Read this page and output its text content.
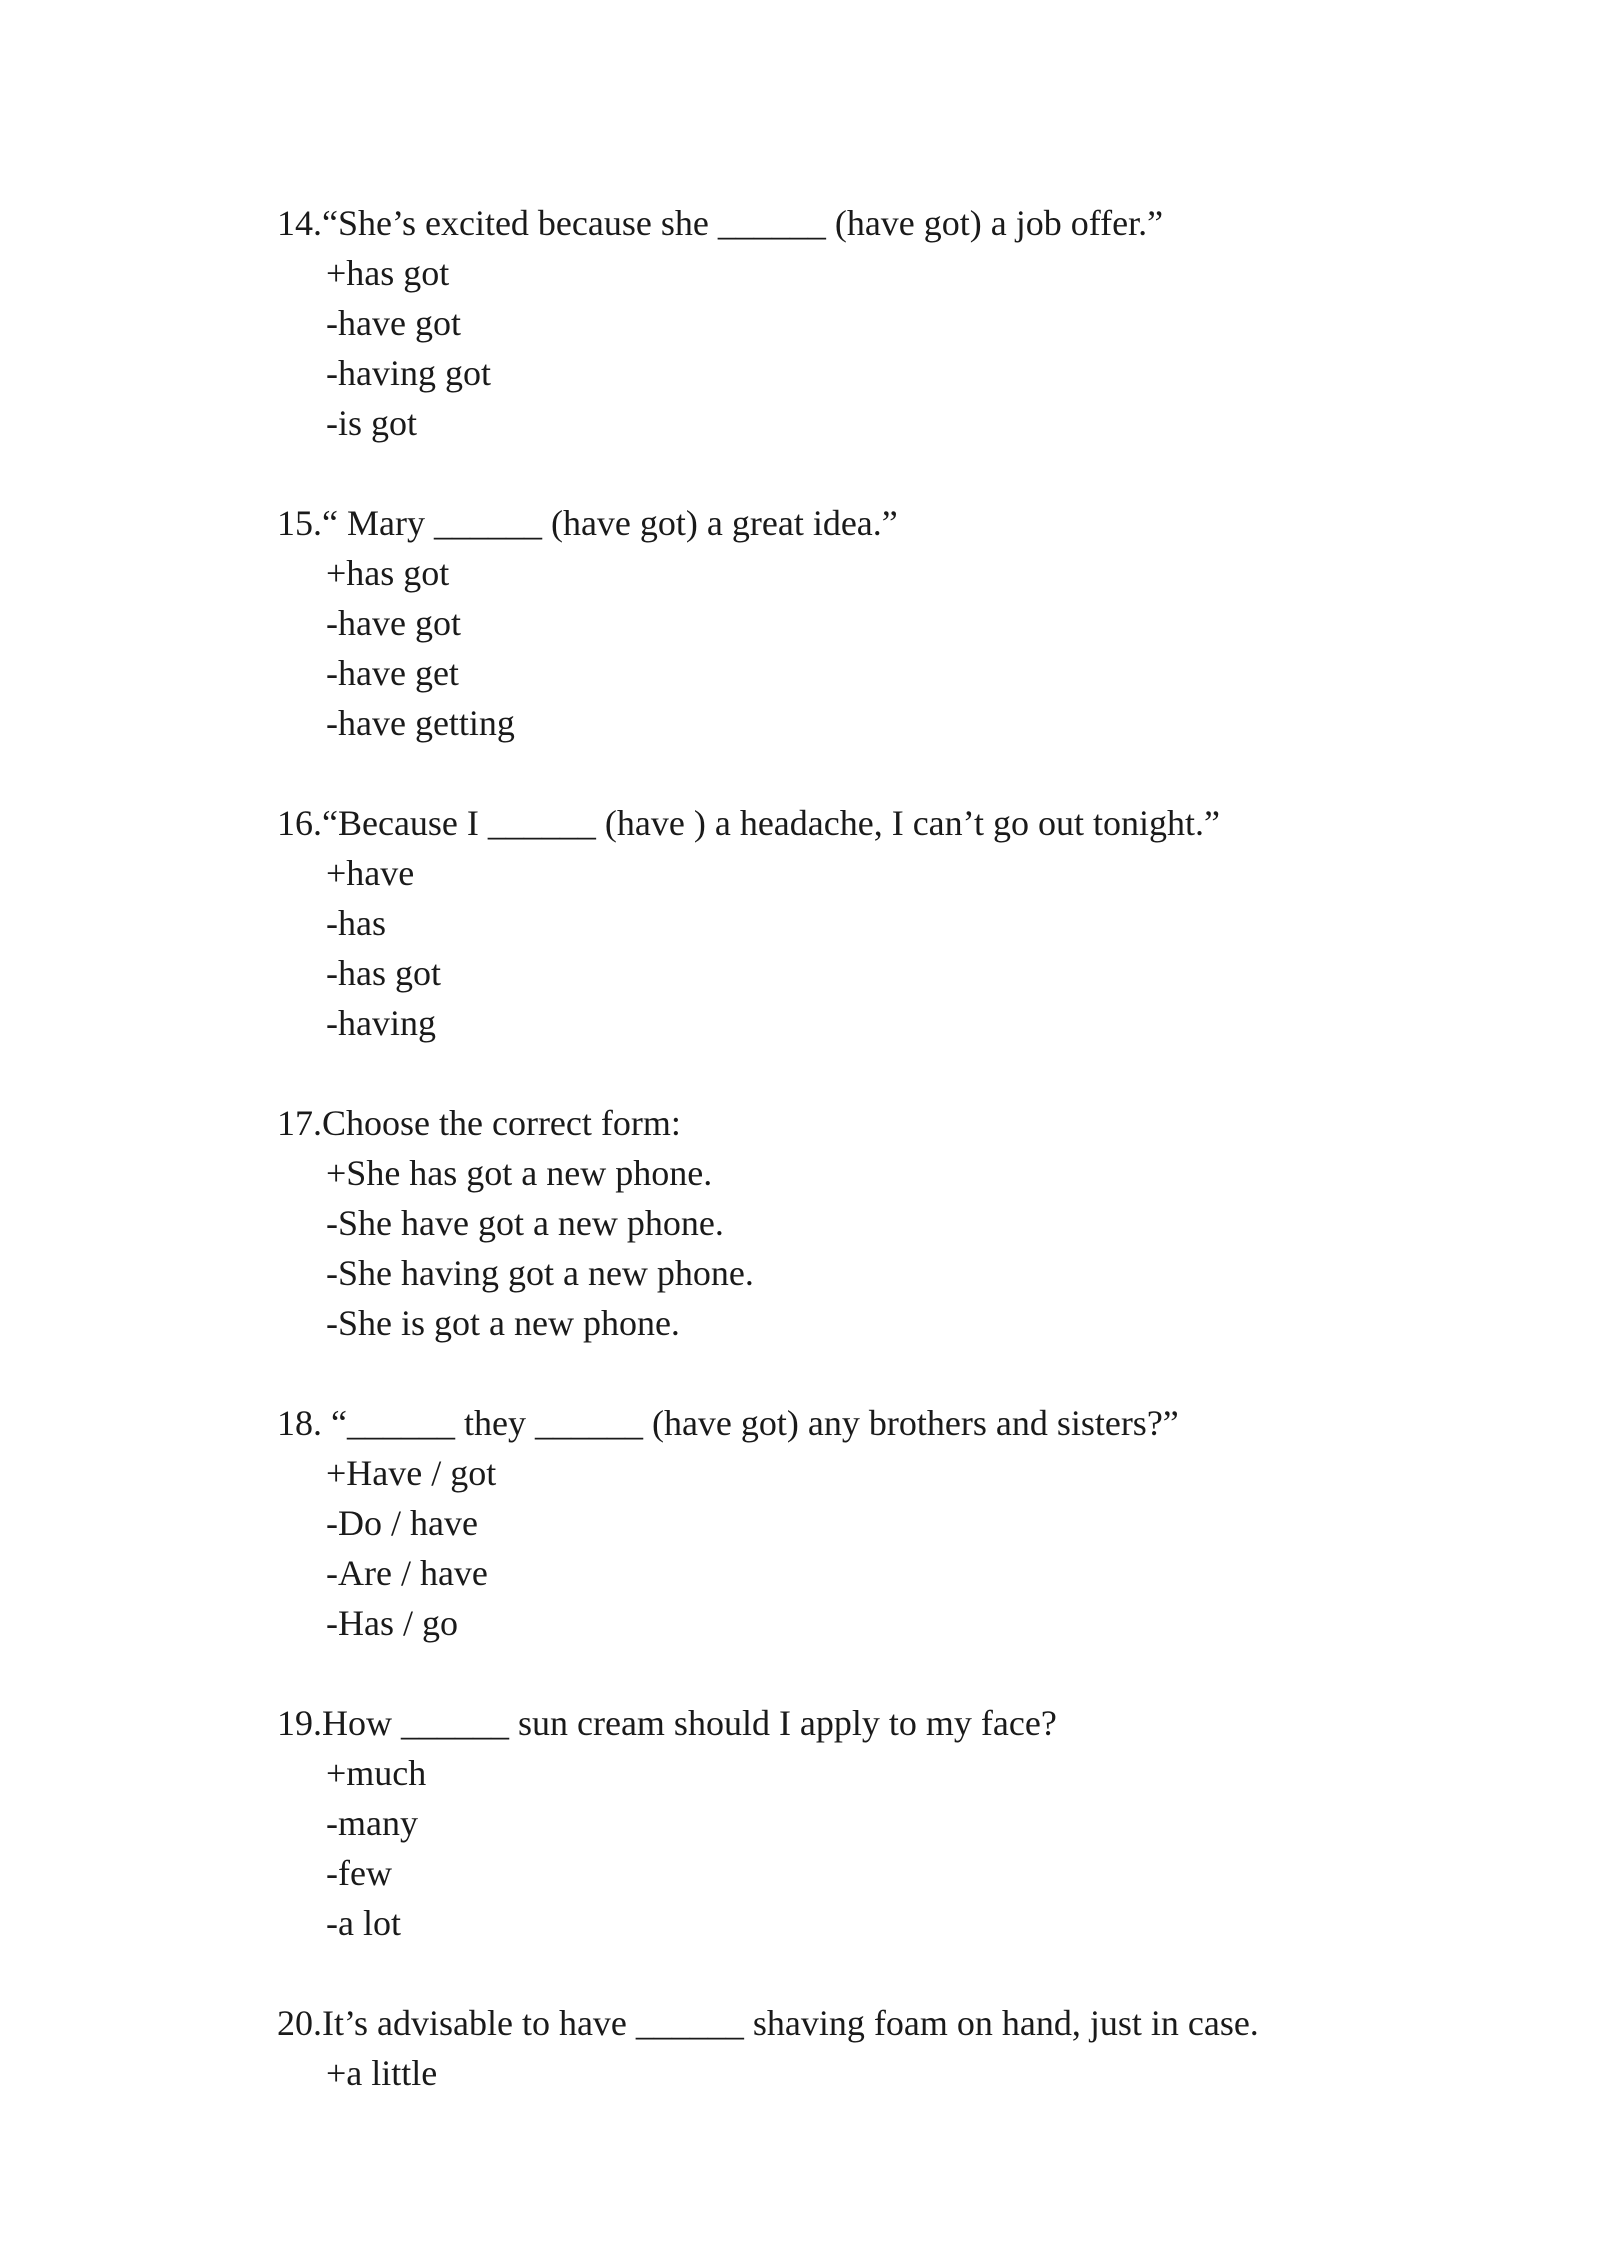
14.“She’s excited because she ______ (have got) a job offer.”
+has got
-have got
-having got
-is got
15.“ Mary ______ (have got) a great idea.”
+has got
-have got
-have get
-have getting
16.“Because I ______ (have ) a headache, I can’t go out tonight.”
+have
-has
-has got
-having
17.Choose the correct form:
+She has got a new phone.
-She have got a new phone.
-She having got a new phone.
-She is got a new phone.
18. “______ they ______ (have got) any brothers and sisters?”
+Have / got
-Do / have
-Are / have
-Has / go
19.How ______ sun cream should I apply to my face?
+much
-many
-few
-a lot
20.It’s advisable to have ______ shaving foam on hand, just in case.
+a little
